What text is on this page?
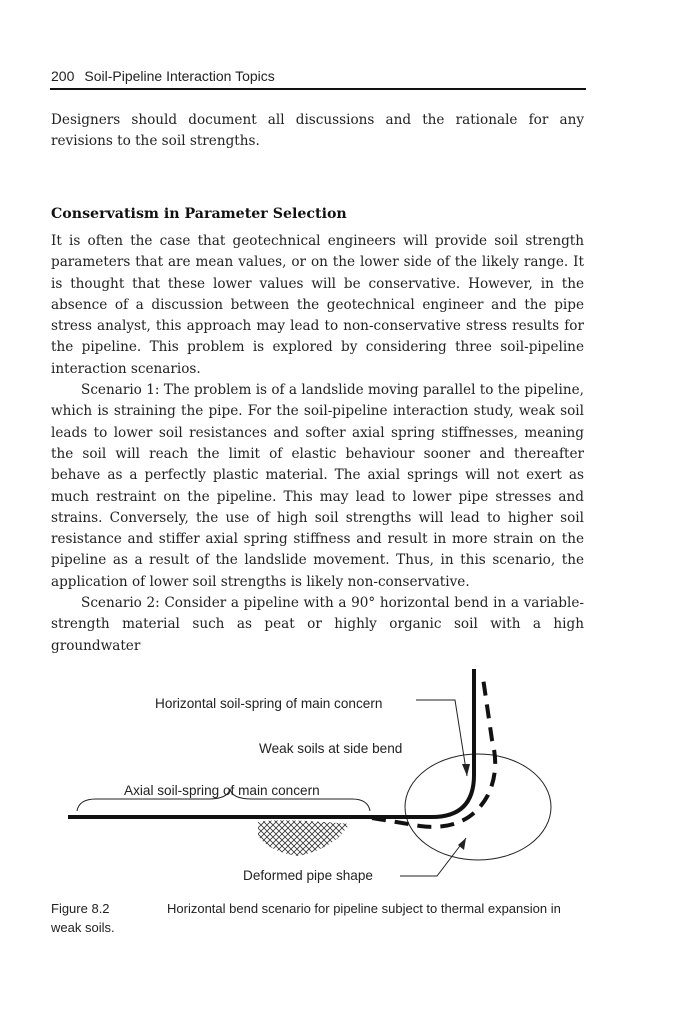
200 Soil-Pipeline Interaction Topics

Designers should document all discussions and the rationale for any revisions to the soil strengths.

Conservatism in Parameter Selection

It is often the case that geotechnical engineers will provide soil strength parameters that are mean values, or on the lower side of the likely range. It is thought that these lower values will be conservative. However, in the absence of a discussion between the geotechnical engineer and the pipe stress analyst, this approach may lead to non-conservative stress results for the pipeline. This problem is explored by considering three soil-pipeline interaction scenarios.

Scenario 1: The problem is of a landslide moving parallel to the pipeline, which is straining the pipe. For the soil-pipeline interaction study, weak soil leads to lower soil resistances and softer axial spring stiffnesses, meaning the soil will reach the limit of elastic behaviour sooner and thereafter behave as a perfectly plastic material. The axial springs will not exert as much restraint on the pipeline. This may lead to lower pipe stresses and strains. Conversely, the use of high soil strengths will lead to higher soil resistance and stiffer axial spring stiffness and result in more strain on the pipeline as a result of the landslide movement. Thus, in this scenario, the application of lower soil strengths is likely non-conservative.

Scenario 2: Consider a pipeline with a 90° horizontal bend in a variable-strength material such as peat or highly organic soil with a high groundwater

Horizontal soil-spring of main concern
Weak soils at side bend
Axial soil-spring of main concern
Deformed pipe shape
Figure 8.2	Horizontal bend scenario for pipeline subject to thermal expansion in weak soils.
